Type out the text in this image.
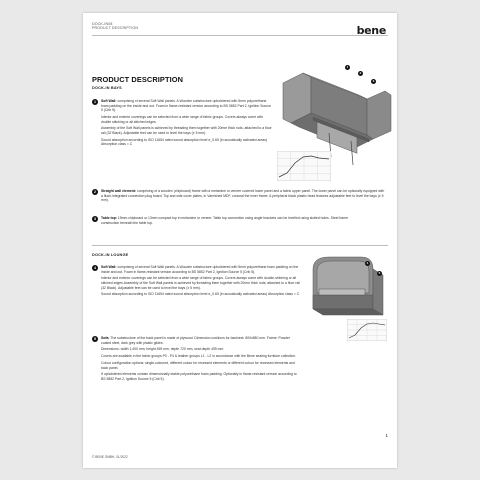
DOCK-IN08
PRODUCT DESCRIPTION	bene
PRODUCT DESCRIPTION
DOCK-IN BAYS
1
2
3
1	Soft Wall: comprising of several Soft Wall panels. A Wooden substructure upholstered with 5mm polyurethane foam padding on the inside and out. Foam in flame-resistant version according to BS 5852 Part 2, Ignition Source 5 (Crib 5).

Interior and exterior coverings can be selected from a wide range of fabric groups. Covers always come with double stitching or all stitched edges.

Assembly of the Soft Wall panels is achieved by threading them together with 20mm thick rods, attached to a floor rail (32 Black). Adjustable feet can be used to level the bays (± 5 mm).

Sound absorption according to ISO 11654 rated sound absorption level α_0.65 (in acoustically activated areas) Absorption class = C

2	Straight wall element: comprising of a wooden (chipboard) frame with a melamine or veneer covered lower panel and a fabric upper panel. The lower panel can be optionally equipped with a flush-integrated connection plug board. Top and side cover plates, in Varnished MDF, conceal the inner frame. A peripheral black plastic head features adjustable feet to level the bays (± 5 mm).

3	Table top: 19mm chipboard or 13mm compact top in melamine or veneer. Table top connection using angle brackets can be levelled using slotted holes. Steel frame construction beneath the table top.

DOCK-IN LOUNGE
4
5
4	Soft Wall: comprising of several Soft Wall panels. A Wooden substructure upholstered with 5mm polyurethane foam padding on the inside and out. Foam in flame-resistant version according to BS 5852 Part 2, Ignition Source 5 (Crib 5).

Interior and exterior coverings can be selected from a wide range of fabric groups. Covers always come with double-stitching or all stitched edges.Assembly of the Soft Wall panels is achieved by threading them together with 20mm thick rods, attached to a floor rail (32 Black). Adjustable feet can be used to level the bays (± 5 mm).

Sound absorption according to ISO 11654 rated sound absorption level α_0.65 (in acoustically activated areas) Absorption class = C

5	Sofa: The substructure of the back panel is made of plywood. Dimension cushions for backrest: 800x580 mm. Frame: Powder coated steel, dark grey with plastic glides.

Dimensions: width 1,400 mm, height 459 mm, depth 720 mm, seat depth 495 mm

Covers are available in the fabric groups P0 - P4 & leather groups L1 - L2 in accordance with the Bene seating furniture collection.

Colour configuration options: single-coloured, different colour for recessed elements or different colour for recessed elements and back panel.

If upholstered elements contain dimensionally stable polyurethane foam padding. Optionally in flame-resistant version according to BS 5852 Part 2, Ignition Source 5 (Crib 5).

1
© BENE GMBH, 01/2022
